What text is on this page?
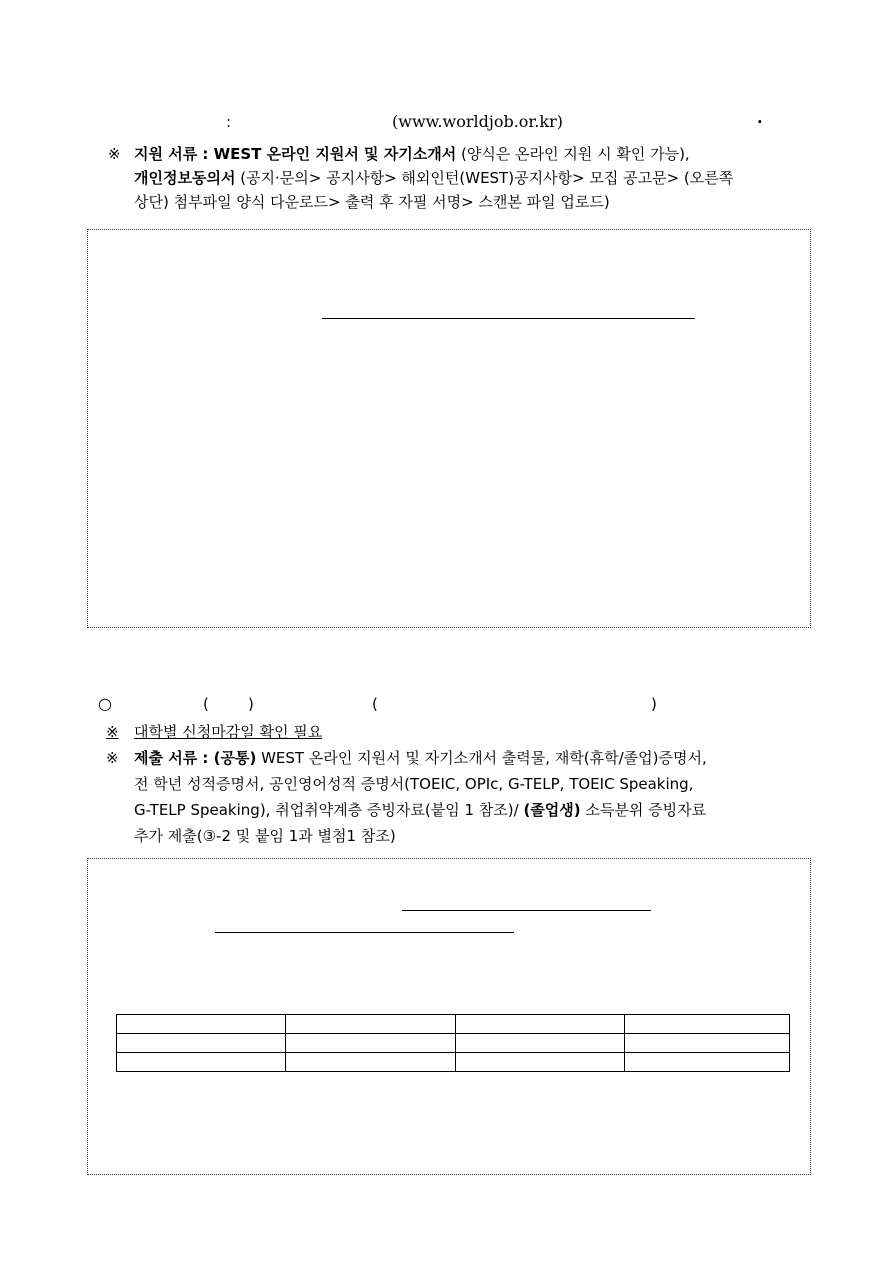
:	(www.worldjob.or.kr)	·
※ 지원 서류 : WEST 온라인 지원서 및 자기소개서 (양식은 온라인 지원 시 확인 가능),
개인정보동의서 (공지·문의> 공지사항> 해외인턴(WEST)공지사항> 모집 공고문> (오른쪽
상단) 첨부파일 양식 다운로드> 출력 후 자필 서명> 스캔본 파일 업로드)
○	(	)	(	)
※ 대학별 신청마감일 확인 필요
※ 제출 서류 : (공통) WEST 온라인 지원서 및 자기소개서 출력물, 재학(휴학/졸업)증명서,
전 학년 성적증명서, 공인영어성적 증명서(TOEIC, OPIc, G-TELP, TOEIC Speaking,
G-TELP Speaking), 취업취약계층 증빙자료(붙임 1 참조)/ (졸업생) 소득분위 증빙자료
추가 제출(③-2 및 붙임 1과 별첨1 참조)
